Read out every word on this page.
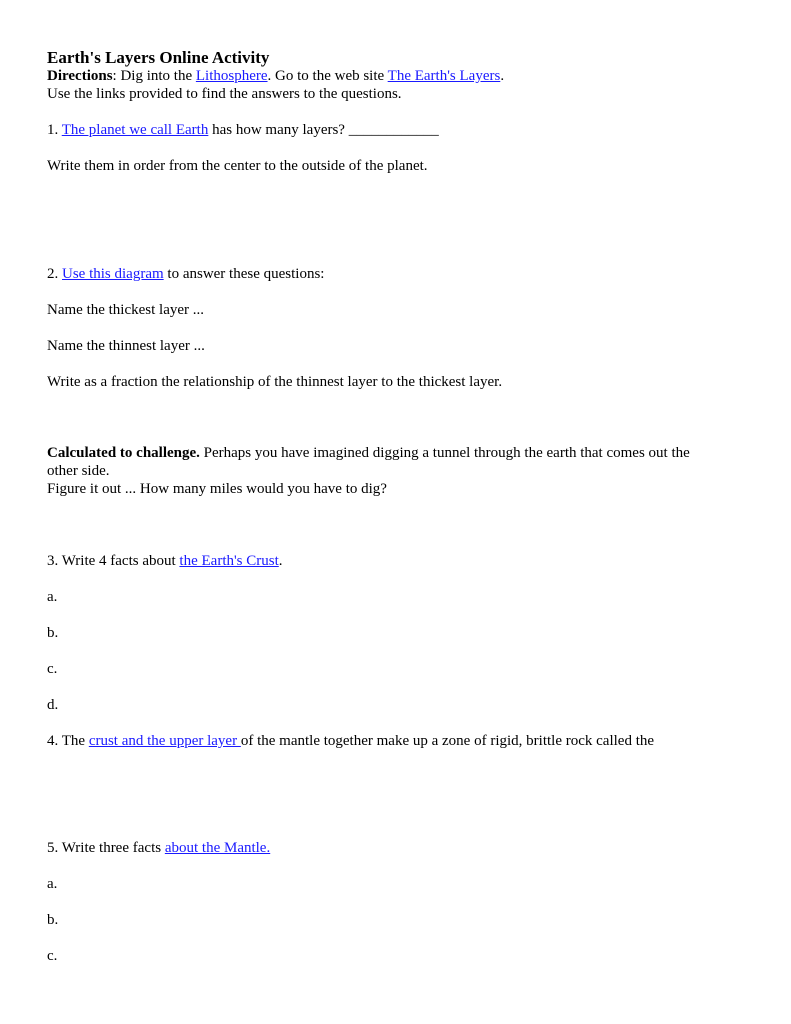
Earth's Layers Online Activity
Directions: Dig into the Lithosphere. Go to the web site The Earth's Layers.
Use the links provided to find the answers to the questions.
1. The planet we call Earth has how many layers? ____________
Write them in order from the center to the outside of the planet.
2. Use this diagram to answer these questions:
Name the thickest layer ...
Name the thinnest layer ...
Write as a fraction the relationship of the thinnest layer to the thickest layer.
Calculated to challenge. Perhaps you have imagined digging a tunnel through the earth that comes out the other side.
Figure it out ... How many miles would you have to dig?
3. Write 4 facts about the Earth's Crust.
a.
b.
c.
d.
4. The crust and the upper layer of the mantle together make up a zone of rigid, brittle rock called the
5. Write three facts about the Mantle.
a.
b.
c.
